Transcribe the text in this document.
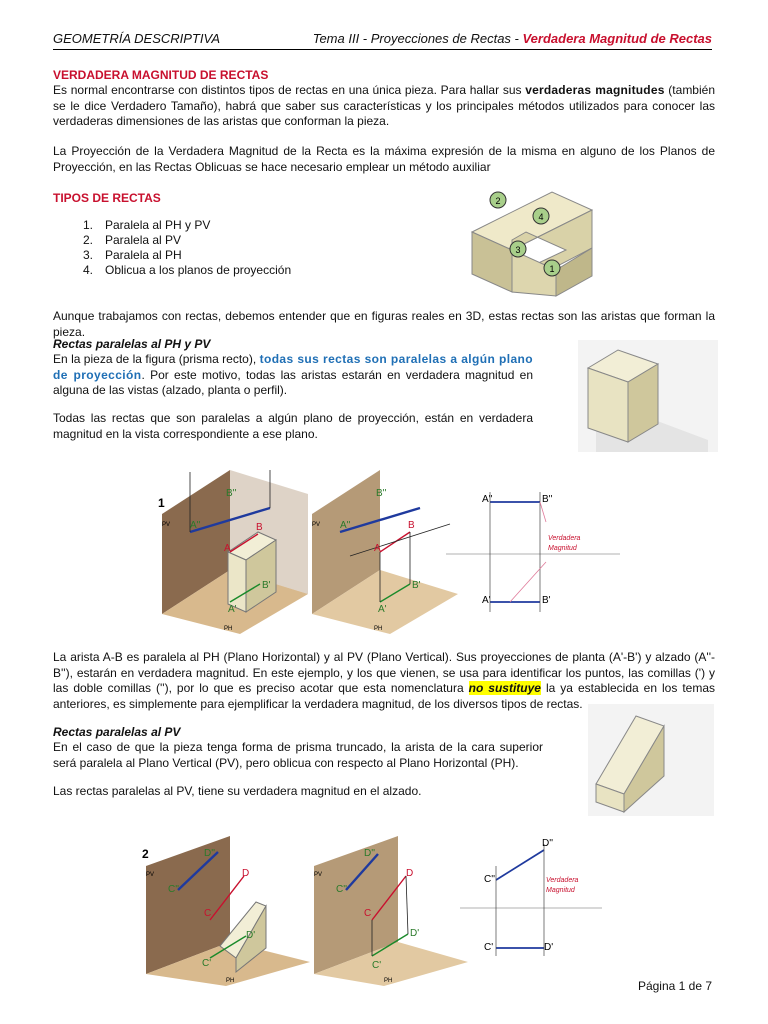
GEOMETRÍA DESCRIPTIVA	Tema III - Proyecciones de Rectas - Verdadera Magnitud de Rectas
VERDADERA MAGNITUD DE RECTAS
Es normal encontrarse con distintos tipos de rectas en una única pieza. Para hallar sus verdaderas magnitudes (también se le dice Verdadero Tamaño), habrá que saber sus características y los principales métodos utilizados para conocer las verdaderas dimensiones de las aristas que conforman la pieza.
La Proyección de la Verdadera Magnitud de la Recta es la máxima expresión de la misma en alguno de los Planos de Proyección, en las Rectas Oblicuas se hace necesario emplear un método auxiliar
TIPOS DE RECTAS
1. Paralela al PH y PV
2. Paralela al PV
3. Paralela al PH
4. Oblicua a los planos de proyección
2
4
3
1
Aunque trabajamos con rectas, debemos entender que en figuras reales en 3D, estas rectas son las aristas que forman la pieza.
Rectas paralelas al PH y PV
En la pieza de la figura (prisma recto), todas sus rectas son paralelas a algún plano de proyección. Por este motivo, todas las aristas estarán en verdadera magnitud en alguna de las vistas (alzado, planta o perfil).
Todas las rectas que son paralelas a algún plano de proyección, están en verdadera magnitud en la vista correspondiente a ese plano.
1
PV
PH
A''
B''
A
B
A'
B'
PV
PH
A''
B''
A
B
A'
B'
A''	B''
A'	B'
Verdadera
Magnitud
La arista A-B es paralela al PH (Plano Horizontal) y al PV (Plano Vertical). Sus proyecciones de planta (A'-B') y alzado (A''-B''), estarán en verdadera magnitud. En este ejemplo, y los que vienen, se usa para identificar los puntos, las comillas (') y las doble comillas (''), por lo que es preciso acotar que esta nomenclatura no sustituye la ya establecida en los temas anteriores, es simplemente para ejemplificar la verdadera magnitud, de los diversos tipos de rectas.
Rectas paralelas al PV
En el caso de que la pieza tenga forma de prisma truncado, la arista de la cara superior será paralela al Plano Vertical (PV), pero oblicua con respecto al Plano Horizontal (PH).
Las rectas paralelas al PV, tiene su verdadera magnitud en el alzado.
2
PV
PH
C''
D''
C
D
C'
D'
PV
PH
C''
D''
C
D
C'
D'
C''
D''
C'	D'
Verdadera
Magnitud
Página 1 de 7
